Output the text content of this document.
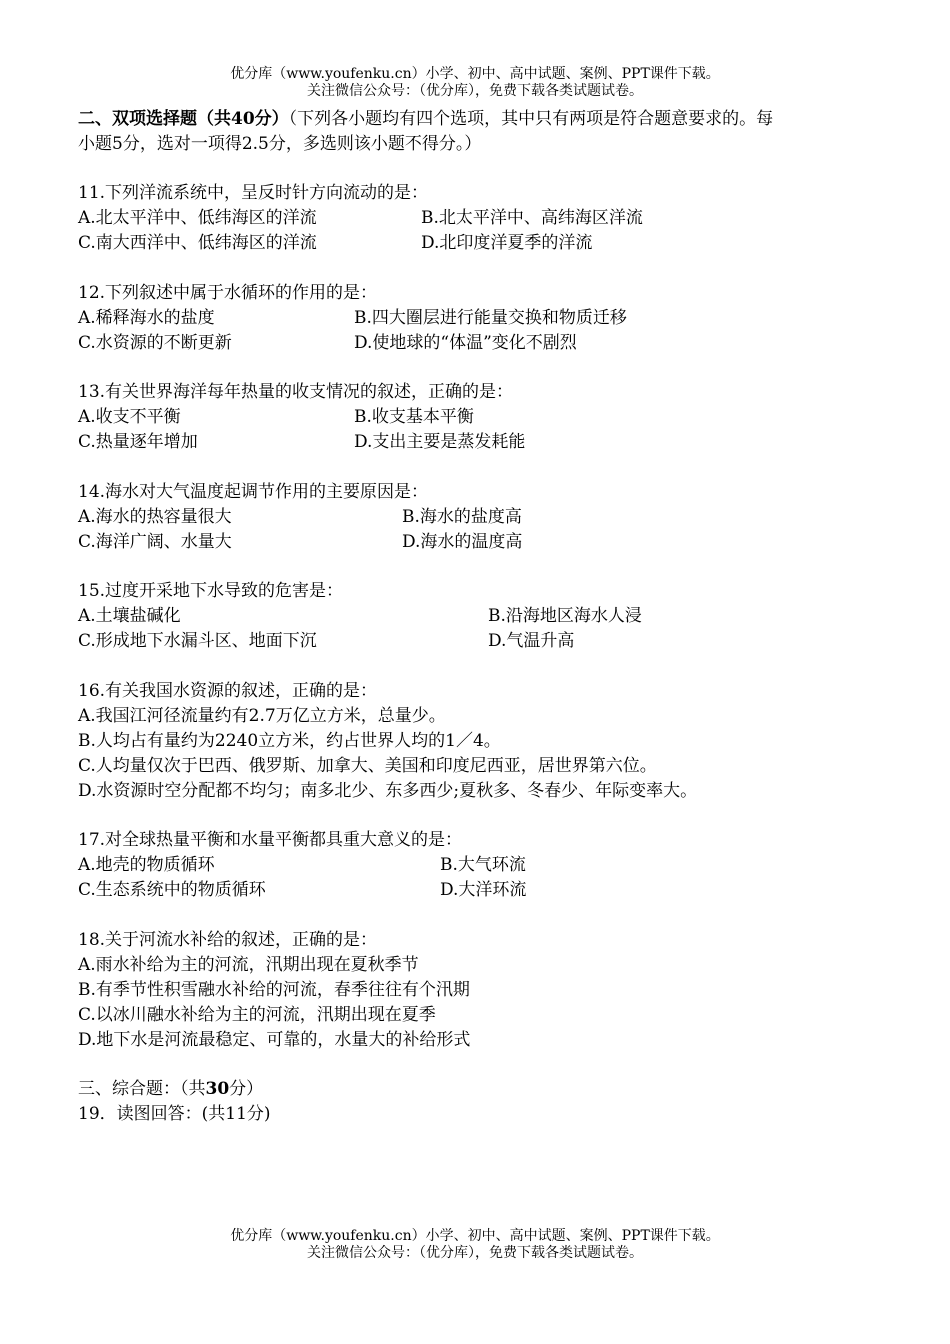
优分库（www.youfenku.cn）小学、初中、高中试题、案例、PPT课件下载。
关注微信公众号：（优分库），免费下载各类试题试卷。
二、双项选择题（共40分）（下列各小题均有四个选项，其中只有两项是符合题意要求的。每
小题5分，选对一项得2.5分，多选则该小题不得分。）
11.下列洋流系统中，呈反时针方向流动的是：
A.北太平洋中、低纬海区的洋流	B.北太平洋中、高纬海区洋流
C.南大西洋中、低纬海区的洋流	D.北印度洋夏季的洋流
12.下列叙述中属于水循环的作用的是：
A.稀释海水的盐度	B.四大圈层进行能量交换和物质迁移
C.水资源的不断更新	D.使地球的“体温”变化不剧烈
13.有关世界海洋每年热量的收支情况的叙述，正确的是：
A.收支不平衡	B.收支基本平衡
C.热量逐年增加	D.支出主要是蒸发耗能
14.海水对大气温度起调节作用的主要原因是：
A.海水的热容量很大	B.海水的盐度高
C.海洋广阔、水量大	D.海水的温度高
15.过度开采地下水导致的危害是：
A.土壤盐碱化	B.沿海地区海水人浸
C.形成地下水漏斗区、地面下沉	D.气温升高
16.有关我国水资源的叙述，正确的是：
A.我国江河径流量约有2.7万亿立方米，总量少。
B.人均占有量约为2240立方米，约占世界人均的1／4。
C.人均量仅次于巴西、俄罗斯、加拿大、美国和印度尼西亚，居世界第六位。
D.水资源时空分配都不均匀；南多北少、东多西少;夏秋多、冬春少、年际变率大。
17.对全球热量平衡和水量平衡都具重大意义的是：
A.地壳的物质循环	B.大气环流
C.生态系统中的物质循环	D.大洋环流
18.关于河流水补给的叙述，正确的是：
A.雨水补给为主的河流，汛期出现在夏秋季节
B.有季节性积雪融水补给的河流，春季往往有个汛期
C.以冰川融水补给为主的河流，汛期出现在夏季
D.地下水是河流最稳定、可靠的，水量大的补给形式
三、综合题：（共30分）
19．读图回答：(共11分)
优分库（www.youfenku.cn）小学、初中、高中试题、案例、PPT课件下载。
关注微信公众号：（优分库），免费下载各类试题试卷。
